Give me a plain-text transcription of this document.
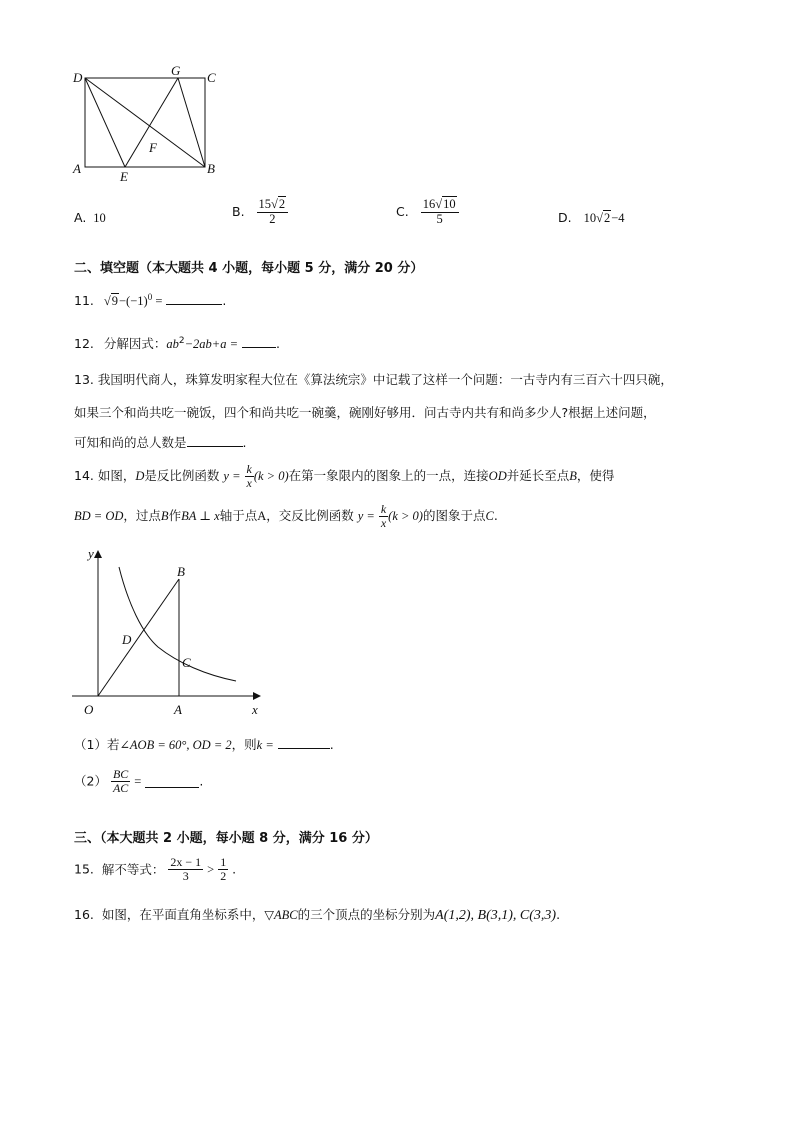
D	G C
F
A
E
B
A. 10	B. $\frac{15√2}{2}$	C. $\frac{16√10}{5}$	D. 10√2−4
二、填空题（本大题共 4 小题，每小题 5 分，满分 20 分）
11. $√9-(-1)^0$ =	.
12. 分解因式：$ab^2-2ab+a$ =	.
13. 我国明代商人，珠算发明家程大位在《算法统宗》中记载了这样一个问题：一古寺内有三百六十四只碗，
如果三个和尚共吃一碗饭，四个和尚共吃一碗羹，碗刚好够用．问古寺内共有和尚多少人?根据上述问题，
可知和尚的总人数是	.
14. 如图，D是反比例函数 $y = \frac{k}{x} (k > 0)$在第一象限内的图象上的一点，连接OD并延长至点B，使得
BD = OD，过点B作BA ⊥ x轴于点A，交反比例函数 $y = \frac{k}{x} (k > 0)$的图象于点C.
y
x
O	A
B
C
D
（1）若∠AOB = 60°, OD = 2，则k =	.
$(2) \frac{BC}{AC}$ =	.
三、（本大题共 2 小题，每小题 8 分，满分 16 分）
15. 解不等式： $\frac{2x - 1}{3} > \frac{1}{2}$ .
16. 如图，在平面直角坐标系中，▽ABC的三个顶点的坐标分别为A(1,2), B(3,1), C(3,3).
